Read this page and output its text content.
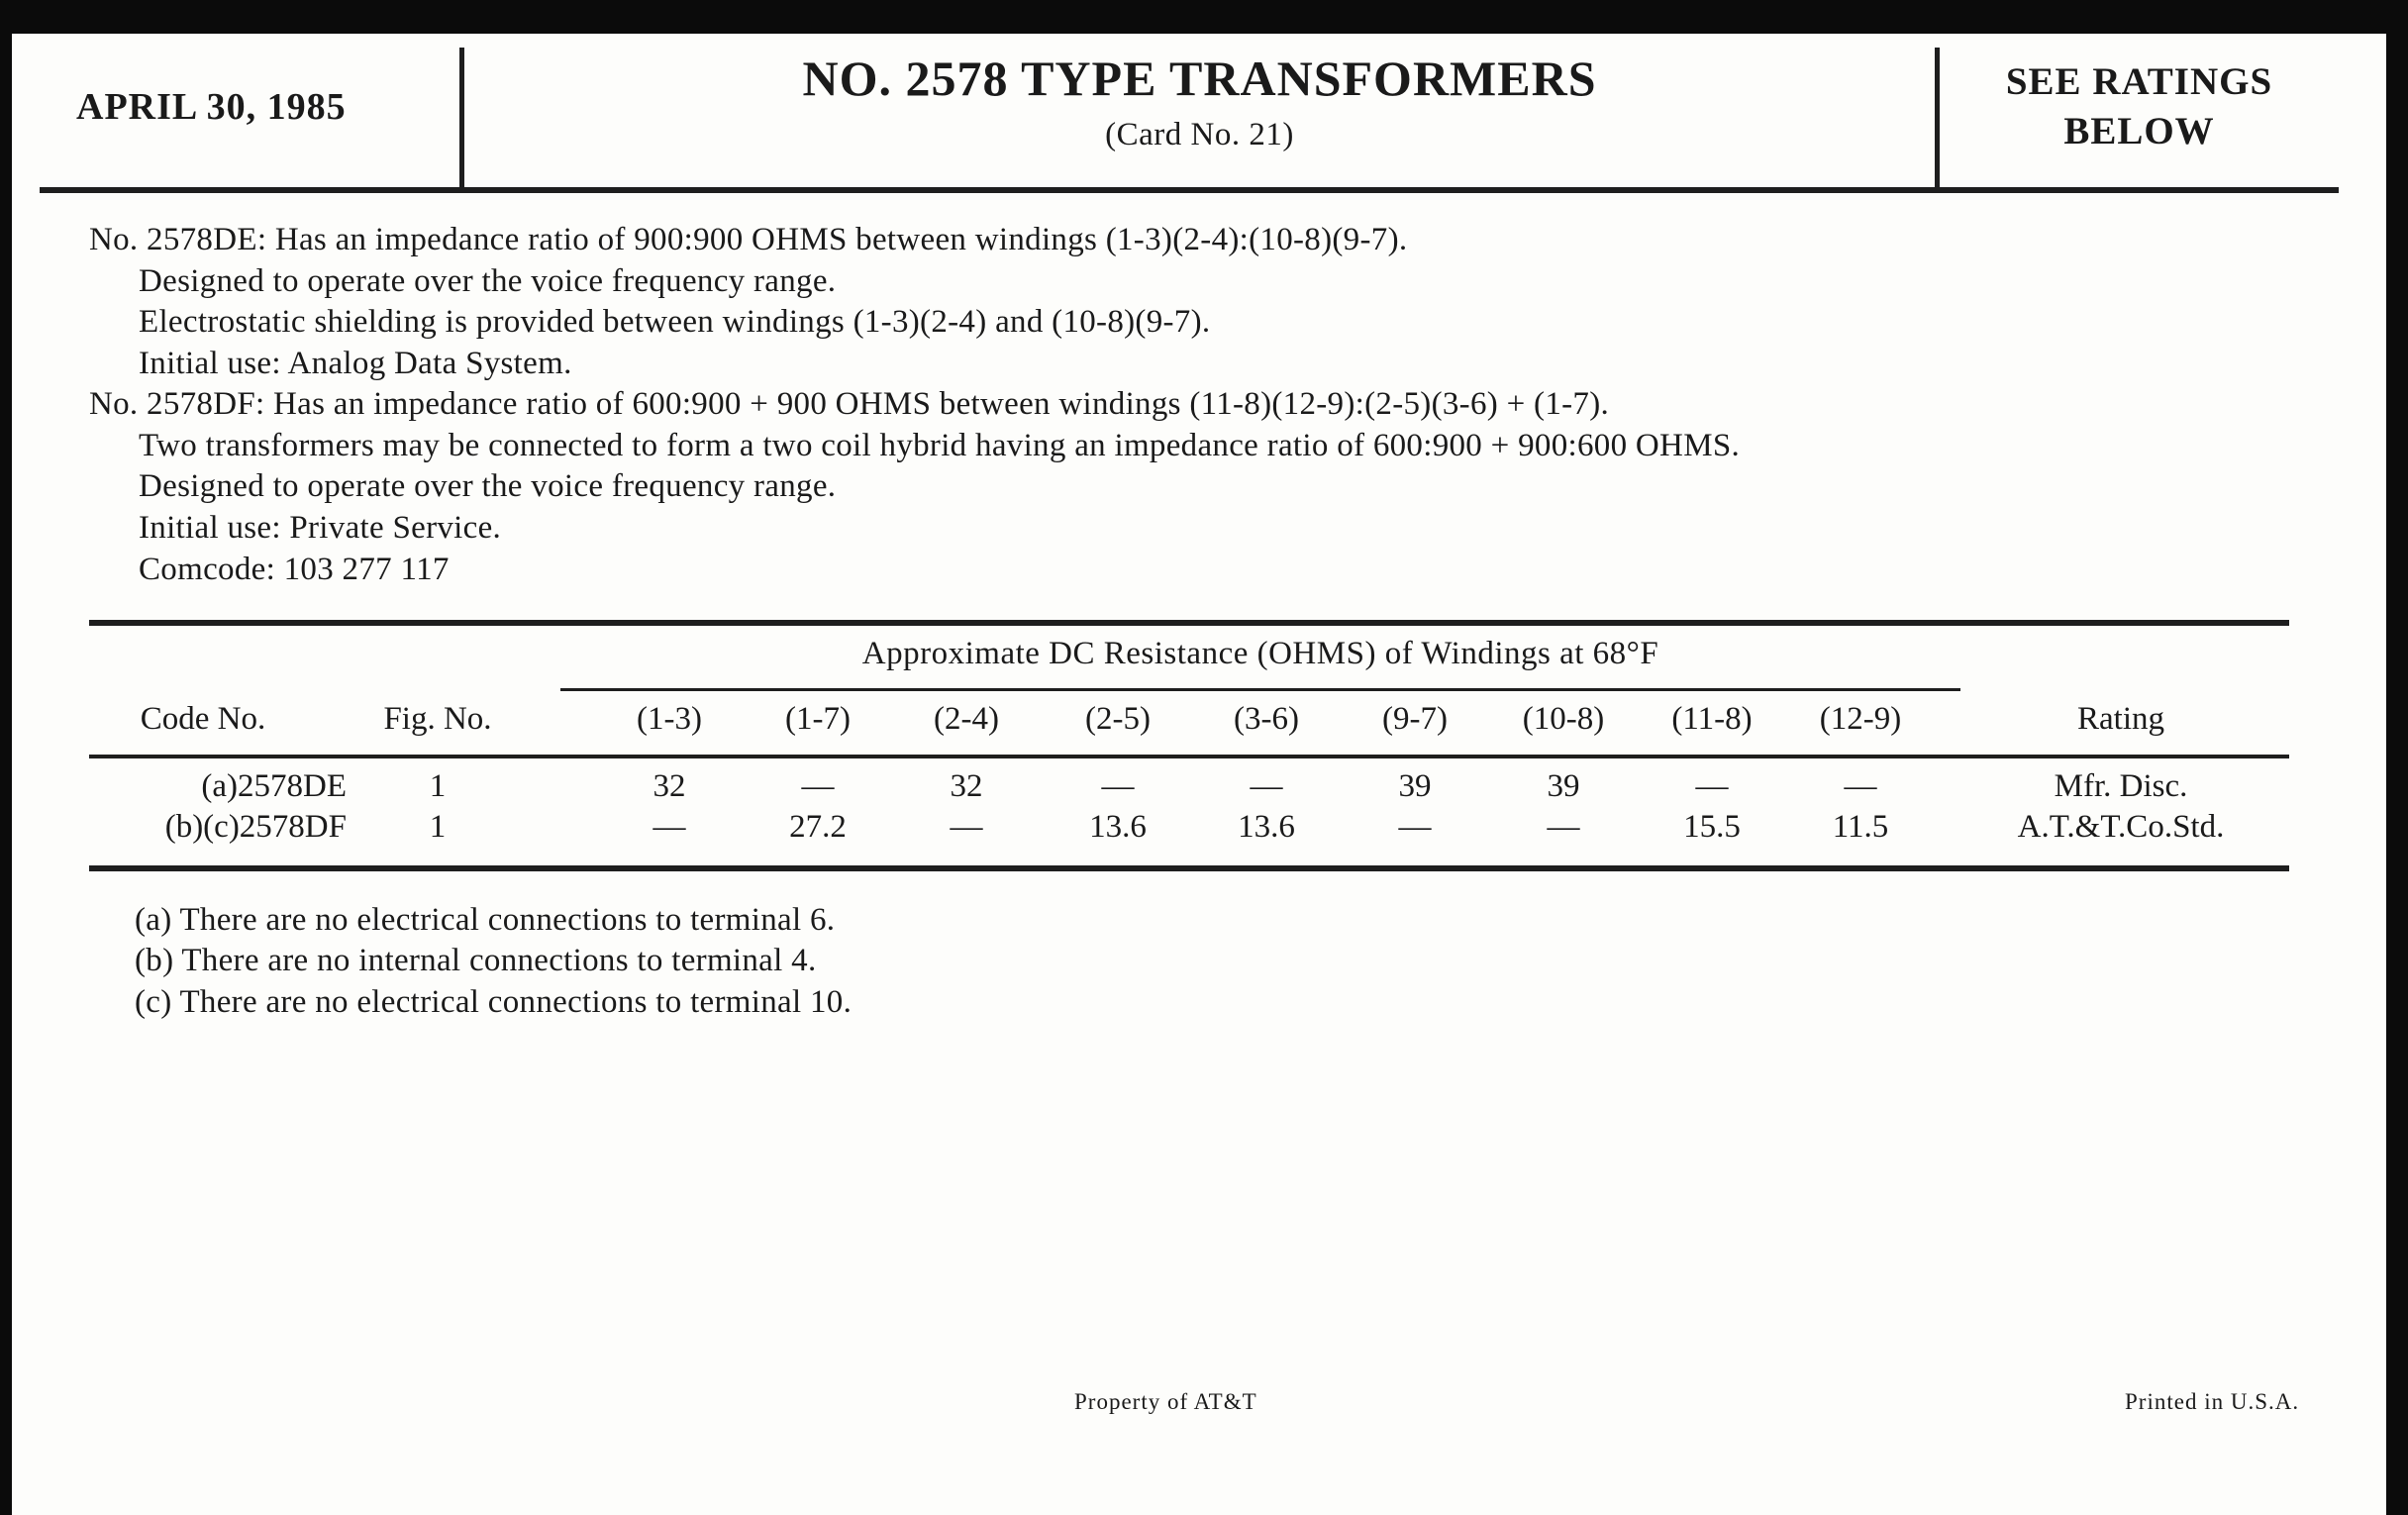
APRIL 30, 1985
NO. 2578 TYPE TRANSFORMERS
(Card No. 21)
SEE RATINGS
BELOW
No. 2578DE: Has an impedance ratio of 900:900 OHMS between windings (1-3)(2-4):(10-8)(9-7).
Designed to operate over the voice frequency range.
Electrostatic shielding is provided between windings (1-3)(2-4) and (10-8)(9-7).
Initial use: Analog Data System.
No. 2578DF: Has an impedance ratio of 600:900 + 900 OHMS between windings (11-8)(12-9):(2-5)(3-6) + (1-7).
Two transformers may be connected to form a two coil hybrid having an impedance ratio of 600:900 + 900:600 OHMS.
Designed to operate over the voice frequency range.
Initial use: Private Service.
Comcode: 103 277 117
Approximate DC Resistance (OHMS) of Windings at 68°F
Code No.	Fig. No.	(1-3)	(1-7)	(2-4)	(2-5)	(3-6)	(9-7)	(10-8)	(11-8)	(12-9)	Rating
(a)2578DE	1	32	—	32	—	—	39	39	—	—	Mfr. Disc.
(b)(c)2578DF	1	—	27.2	—	13.6	13.6	—	—	15.5	11.5	A.T.&T.Co.Std.
(a) There are no electrical connections to terminal 6.
(b) There are no internal connections to terminal 4.
(c) There are no electrical connections to terminal 10.
Property of AT&T	Printed in U.S.A.
